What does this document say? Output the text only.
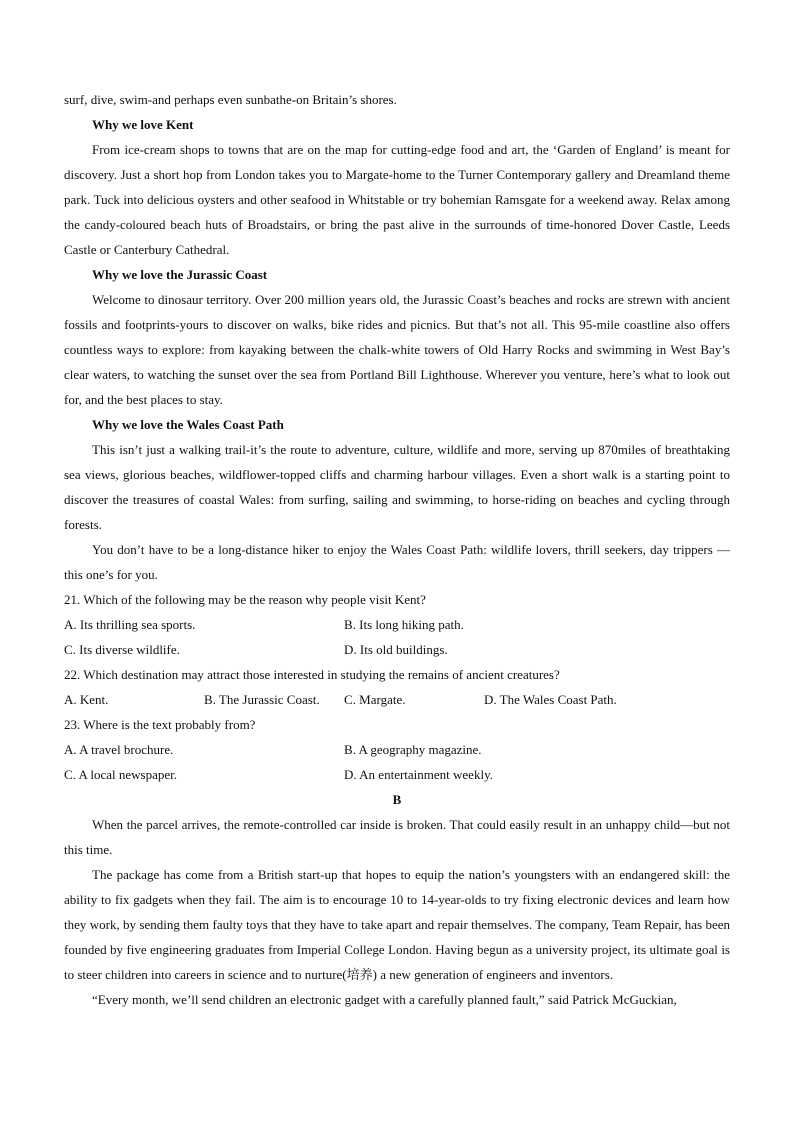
surf, dive, swim-and perhaps even sunbathe-on Britain’s shores.

Why we love Kent

From ice-cream shops to towns that are on the map for cutting-edge food and art, the ‘Garden of England’ is meant for discovery. Just a short hop from London takes you to Margate-home to the Turner Contemporary gallery and Dreamland theme park. Tuck into delicious oysters and other seafood in Whitstable or try bohemian Ramsgate for a weekend away. Relax among the candy-coloured beach huts of Broadstairs, or bring the past alive in the surrounds of time-honored Dover Castle, Leeds Castle or Canterbury Cathedral.

Why we love the Jurassic Coast

Welcome to dinosaur territory. Over 200 million years old, the Jurassic Coast’s beaches and rocks are strewn with ancient fossils and footprints-yours to discover on walks, bike rides and picnics. But that’s not all. This 95-mile coastline also offers countless ways to explore: from kayaking between the chalk-white towers of Old Harry Rocks and swimming in West Bay’s clear waters, to watching the sunset over the sea from Portland Bill Lighthouse. Wherever you venture, here’s what to look out for, and the best places to stay.

Why we love the Wales Coast Path

This isn’t just a walking trail-it’s the route to adventure, culture, wildlife and more, serving up 870miles of breathtaking sea views, glorious beaches, wildflower-topped cliffs and charming harbour villages. Even a short walk is a starting point to discover the treasures of coastal Wales: from surfing, sailing and swimming, to horse-riding on beaches and cycling through forests.

You don’t have to be a long-distance hiker to enjoy the Wales Coast Path: wildlife lovers, thrill seekers, day trippers — this one’s for you.

21. Which of the following may be the reason why people visit Kent?

A. Its thrilling sea sports.	B. Its long hiking path.
C. Its diverse wildlife.	D. Its old buildings.

22. Which destination may attract those interested in studying the remains of ancient creatures?

A. Kent.	B. The Jurassic Coast.	C. Margate.	D. The Wales Coast Path.

23. Where is the text probably from?

A. A travel brochure.	B. A geography magazine.
C. A local newspaper.	D. An entertainment weekly.

B

When the parcel arrives, the remote-controlled car inside is broken. That could easily result in an unhappy child—but not this time.

The package has come from a British start-up that hopes to equip the nation’s youngsters with an endangered skill: the ability to fix gadgets when they fail. The aim is to encourage 10 to 14-year-olds to try fixing electronic devices and learn how they work, by sending them faulty toys that they have to take apart and repair themselves. The company, Team Repair, has been founded by five engineering graduates from Imperial College London. Having begun as a university project, its ultimate goal is to steer children into careers in science and to nurture(培养) a new generation of engineers and inventors.

“Every month, we’ll send children an electronic gadget with a carefully planned fault,” said Patrick McGuckian,
